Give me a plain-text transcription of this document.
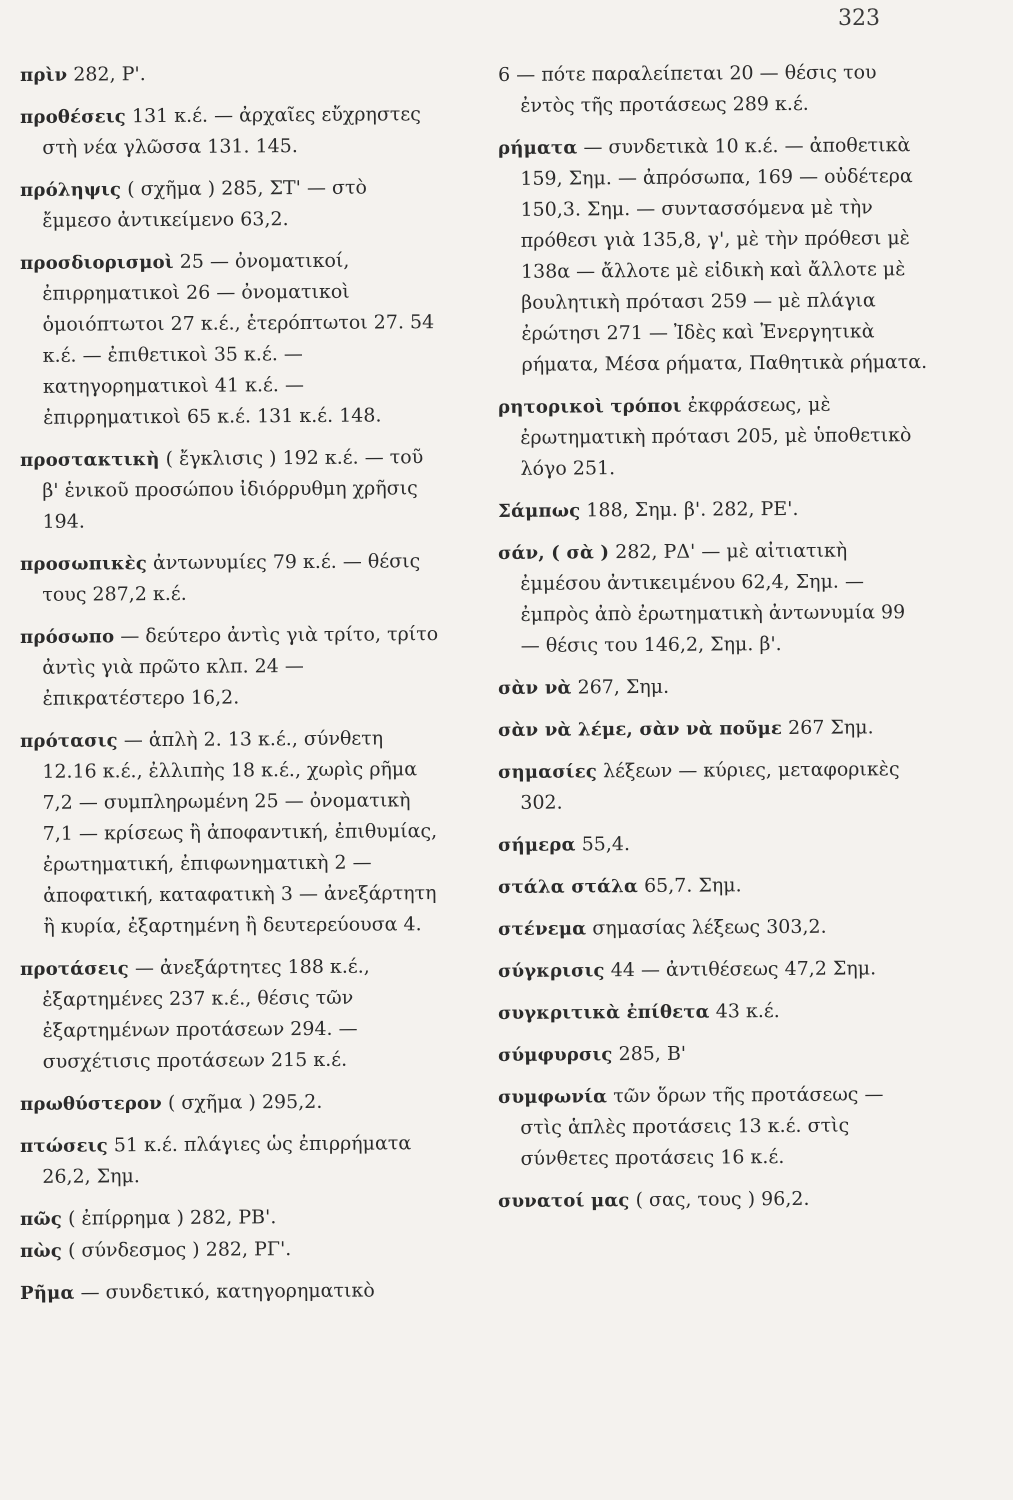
323

πρὶν 282, Ρ'.

προθέσεις 131 κ.έ. — ἀρχαῖες εὔχρηστες στὴ νέα γλῶσσα 131. 145.

πρόληψις ( σχῆμα ) 285, ΣΤ' — στὸ ἔμμεσο ἀντικείμενο 63,2.

προσδιορισμοὶ 25 — ὀνοματικοί, ἐπιρρηματικοὶ 26 — ὀνοματικοὶ ὁμοιόπτωτοι 27 κ.έ., ἑτερόπτωτοι 27. 54 κ.έ. — ἐπιθετικοὶ 35 κ.έ. — κατηγορηματικοὶ 41 κ.έ. — ἐπιρρηματικοὶ 65 κ.έ. 131 κ.έ. 148.

προστακτικὴ ( ἔγκλισις ) 192 κ.έ. — τοῦ β' ἑνικοῦ προσώπου ἰδιόρρυθμη χρῆσις 194.

προσωπικὲς ἀντωνυμίες 79 κ.έ. — θέσις τους 287,2 κ.έ.

πρόσωπο — δεύτερο ἀντὶς γιὰ τρίτο, τρίτο ἀντὶς γιὰ πρῶτο κλπ. 24 — ἐπικρατέστερο 16,2.

πρότασις — ἁπλὴ 2. 13 κ.έ., σύνθετη 12.16 κ.έ., ἐλλιπὴς 18 κ.έ., χωρὶς ρῆμα 7,2 — συμπληρωμένη 25 — ὀνοματικὴ 7,1 — κρίσεως ἢ ἀποφαντική, ἐπιθυμίας, ἐρωτηματική, ἐπιφωνηματικὴ 2 — ἀποφατική, καταφατικὴ 3 — ἀνεξάρτητη ἢ κυρία, ἐξαρτημένη ἢ δευτερεύουσα 4.

προτάσεις — ἀνεξάρτητες 188 κ.έ., ἐξαρτημένες 237 κ.έ., θέσις τῶν ἐξαρτημένων προτάσεων 294. — συσχέτισις προτάσεων 215 κ.έ.

πρωθύστερον ( σχῆμα ) 295,2.

πτώσεις 51 κ.έ. πλάγιες ὡς ἐπιρρήματα 26,2, Σημ.

πῶς ( ἐπίρρημα ) 282, ΡΒ'.

πὼς ( σύνδεσμος ) 282, ΡΓ'.

Ρῆμα — συνδετικό, κατηγορηματικὸ

6 — πότε παραλείπεται 20 — θέσις του ἐντὸς τῆς προτάσεως 289 κ.έ.

ρήματα — συνδετικὰ 10 κ.έ. — ἀποθετικὰ 159, Σημ. — ἀπρόσωπα, 169 — οὐδέτερα 150,3. Σημ. — συντασσόμενα μὲ τὴν πρόθεσι γιὰ 135,8, γ', μὲ τὴν πρόθεσι μὲ 138α — ἄλλοτε μὲ εἰδικὴ καὶ ἄλλοτε μὲ βουλητικὴ πρότασι 259 — μὲ πλάγια ἐρώτησι 271 — Ἰδὲς καὶ Ἐνεργητικὰ ρήματα, Μέσα ρήματα, Παθητικὰ ρήματα.

ρητορικοὶ τρόποι ἐκφράσεως, μὲ ἐρωτηματικὴ πρότασι 205, μὲ ὑποθετικὸ λόγο 251.

Σάμπως 188, Σημ. β'. 282, ΡΕ'.

σάν, ( σὰ ) 282, ΡΔ' — μὲ αἰτιατικὴ ἐμμέσου ἀντικειμένου 62,4, Σημ. — ἐμπρὸς ἀπὸ ἐρωτηματικὴ ἀντωνυμία 99 — θέσις του 146,2, Σημ. β'.

σὰν νὰ 267, Σημ.

σὰν νὰ λέμε, σὰν νὰ ποῦμε 267 Σημ.

σημασίες λέξεων — κύριες, μεταφορικὲς 302.

σήμερα 55,4.

στάλα στάλα 65,7. Σημ.

στένεμα σημασίας λέξεως 303,2.

σύγκρισις 44 — ἀντιθέσεως 47,2 Σημ.

συγκριτικὰ ἐπίθετα 43 κ.έ.

σύμφυρσις 285, Β'

συμφωνία τῶν ὅρων τῆς προτάσεως — στὶς ἁπλὲς προτάσεις 13 κ.έ. στὶς σύνθετες προτάσεις 16 κ.έ.

συνατοί μας ( σας, τους ) 96,2.
